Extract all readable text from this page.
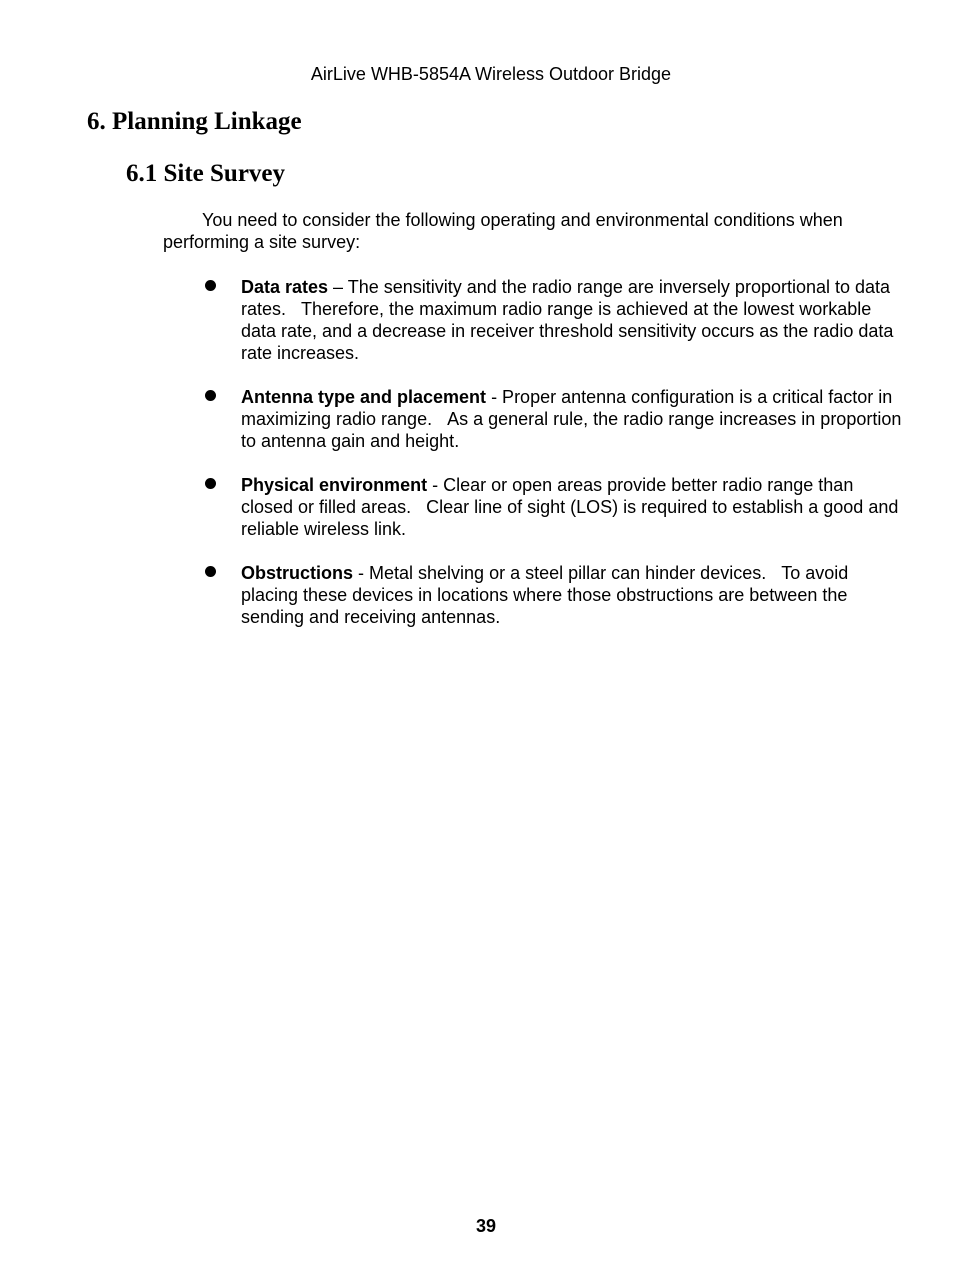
AirLive WHB-5854A Wireless Outdoor Bridge
6. Planning Linkage
6.1 Site Survey

You need to consider the following operating and environmental conditions when performing a site survey:

Data rates – The sensitivity and the radio range are inversely proportional to data rates.   Therefore, the maximum radio range is achieved at the lowest workable data rate, and a decrease in receiver threshold sensitivity occurs as the radio data rate increases.
Antenna type and placement - Proper antenna configuration is a critical factor in maximizing radio range.   As a general rule, the radio range increases in proportion to antenna gain and height.
Physical environment - Clear or open areas provide better radio range than closed or filled areas.   Clear line of sight (LOS) is required to establish a good and reliable wireless link.
Obstructions - Metal shelving or a steel pillar can hinder devices.   To avoid placing these devices in locations where those obstructions are between the sending and receiving antennas.
39
